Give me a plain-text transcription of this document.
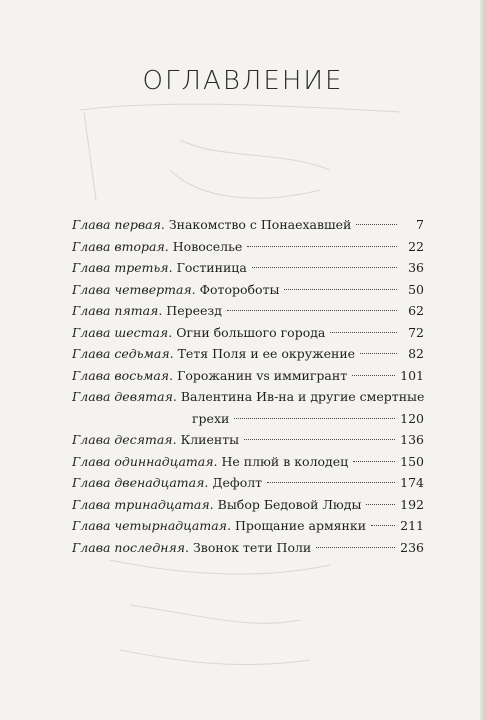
ОГЛАВЛЕНИЕ
Глава первая . Знакомство с Понаехавшей	7
Глава вторая . Новоселье	22
Глава третья . Гостиница	36
Глава четвертая . Фотороботы	50
Глава пятая . Переезд	62
Глава шестая . Огни большого города	72
Глава седьмая . Тетя Поля и ее окружение	82
Глава восьмая . Горожанин vs иммигрант	101
Глава девятая . Валентина Ив-на и другие смертные
грехи	120
Глава десятая . Клиенты	136
Глава одиннадцатая . Не плюй в колодец	150
Глава двенадцатая . Дефолт	174
Глава тринадцатая . Выбор Бедовой Люды	192
Глава четырнадцатая . Прощание армянки	211
Глава последняя . Звонок тети Поли	236
